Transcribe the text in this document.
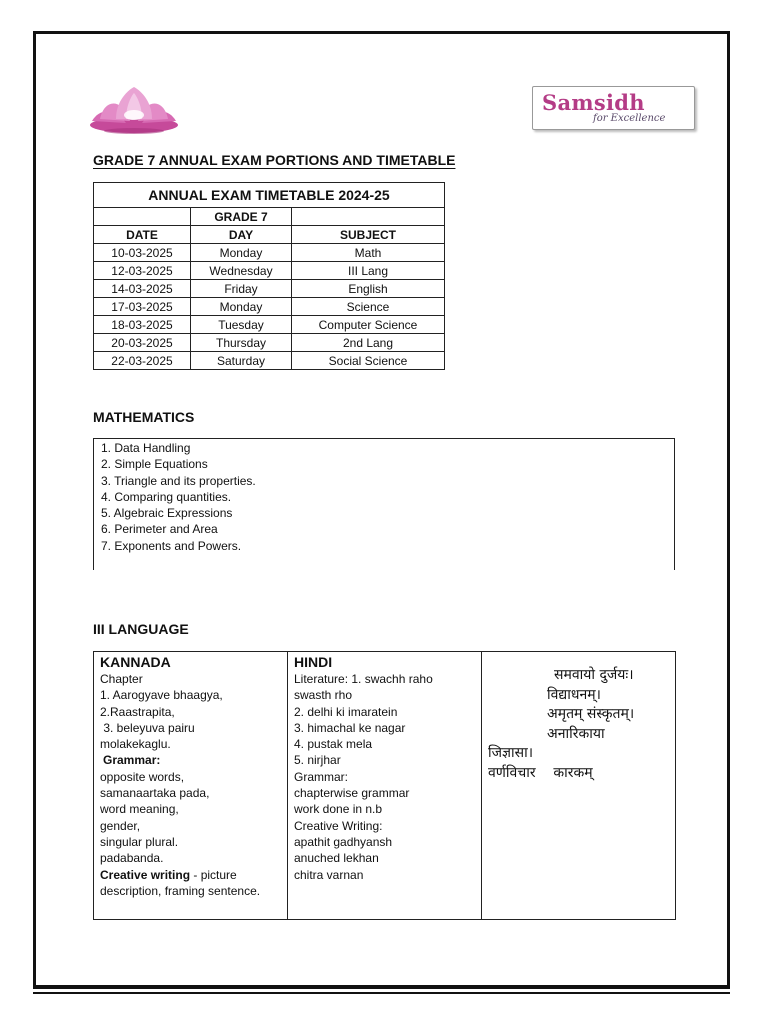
Samsidh
for Excellence
GRADE 7 ANNUAL EXAM PORTIONS AND TIMETABLE
ANNUAL EXAM TIMETABLE 2024-25		
	GRADE 7	
DATE	DAY	SUBJECT
10-03-2025	Monday	Math
12-03-2025	Wednesday	III Lang
14-03-2025	Friday	English
17-03-2025	Monday	Science
18-03-2025	Tuesday	Computer Science
20-03-2025	Thursday	2nd Lang
22-03-2025	Saturday	Social Science
MATHEMATICS
1. Data Handling
2. Simple Equations
3. Triangle and its properties.
4. Comparing quantities.
5. Algebraic Expressions
6. Perimeter and Area
7. Exponents and Powers.
III LANGUAGE
KANNADA
Chapter
1. Aarogyave bhaagya,
2.Raastrapita,
3. beleyuva pairu
molakekaglu.
Grammar:
opposite words,
samanaartaka pada,
word meaning,
gender,
singular plural.
padabanda.
Creative writing - picture
description, framing sentence.

HINDI
Literature: 1. swachh raho
swasth rho
2. delhi ki imaratein
3. himachal ke nagar
4. pustak mela
5. nirjhar
Grammar:
chapterwise grammar
work done in n.b
Creative Writing:
apathit gadhyansh
anuched lekhan
chitra varnan

समवायो दुर्जयः।
विद्याधनम्।
अमृतम् संस्कृतम्।
अनारिकाया
जिज्ञासा।
वर्णविचार    कारकम्
